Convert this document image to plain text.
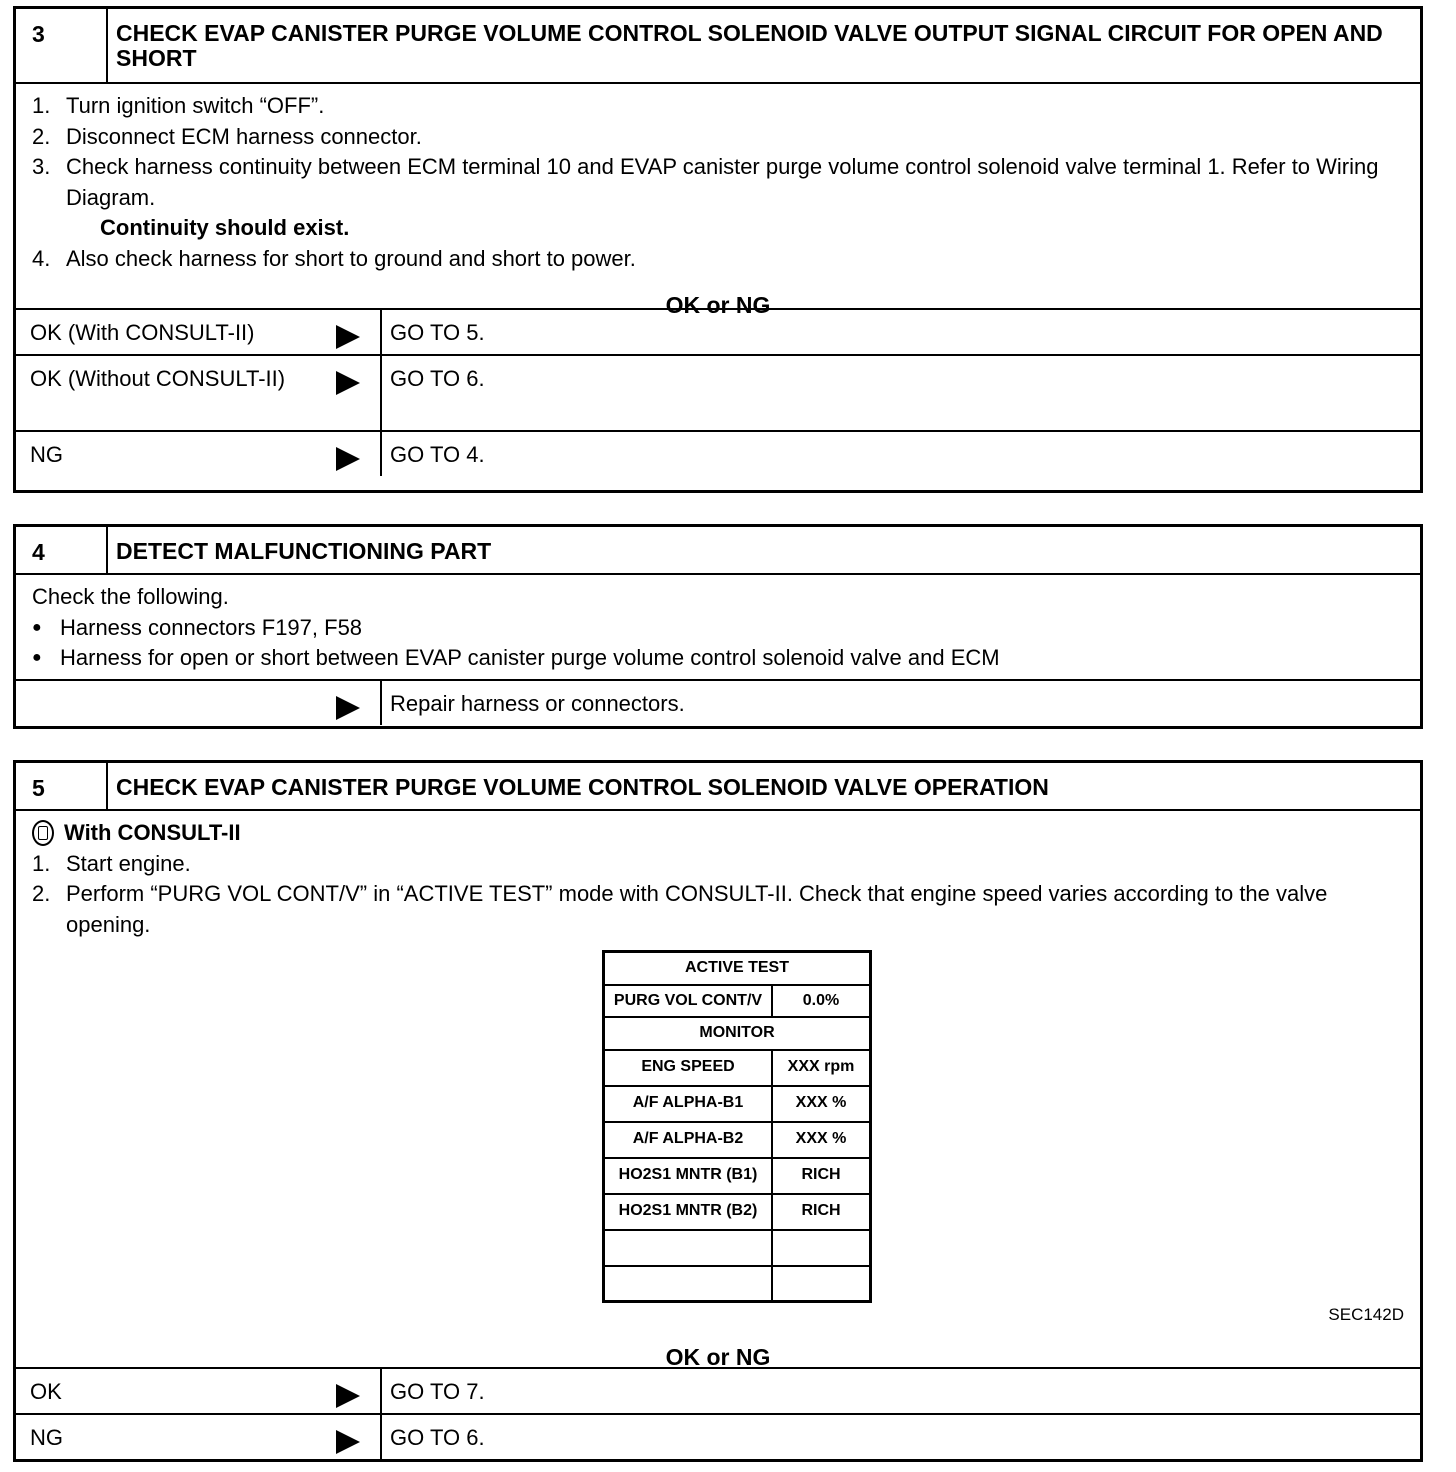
3	CHECK EVAP CANISTER PURGE VOLUME CONTROL SOLENOID VALVE OUTPUT SIGNAL CIRCUIT FOR OPEN AND SHORT
1. Turn ignition switch “OFF”.
2. Disconnect ECM harness connector.
3. Check harness continuity between ECM terminal 10 and EVAP canister purge volume control solenoid valve terminal 1. Refer to Wiring Diagram.
Continuity should exist.
4. Also check harness for short to ground and short to power.
OK or NG
OK (With CONSULT-II)	GO TO 5.
OK (Without CONSULT-II)	GO TO 6.
NG	GO TO 4.
4	DETECT MALFUNCTIONING PART
Check the following.
● Harness connectors F197, F58
● Harness for open or short between EVAP canister purge volume control solenoid valve and ECM
Repair harness or connectors.
5	CHECK EVAP CANISTER PURGE VOLUME CONTROL SOLENOID VALVE OPERATION
With CONSULT-II
1. Start engine.
2. Perform “PURG VOL CONT/V” in “ACTIVE TEST” mode with CONSULT-II. Check that engine speed varies according to the valve opening.
ACTIVE TEST	
PURG VOL CONT/V	0.0%
MONITOR	
ENG SPEED	XXX rpm
A/F ALPHA-B1	XXX %
A/F ALPHA-B2	XXX %
HO2S1 MNTR (B1)	RICH
HO2S1 MNTR (B2)	RICH

SEC142D
OK or NG
OK	GO TO 7.
NG	GO TO 6.
